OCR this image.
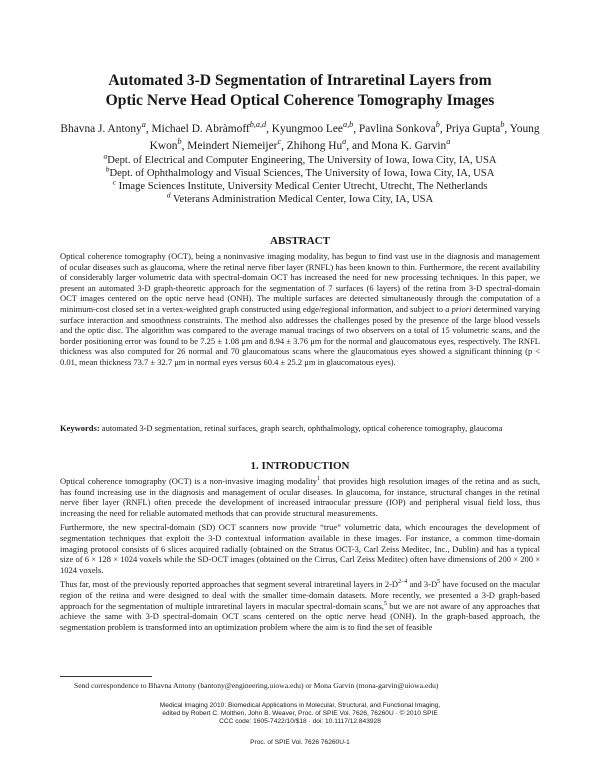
Automated 3-D Segmentation of Intraretinal Layers from
Optic Nerve Head Optical Coherence Tomography Images
Bhavna J. Antony$^a$, Michael D. Abràmoff$^{b,a,d}$, Kyungmoo Lee$^{a,b}$, Pavlina Sonkova$^b$, Priya Gupta$^b$, Young Kwon$^b$, Meindert Niemeijer$^c$, Zhihong Hu$^a$, and Mona K. Garvin$^a$
$^a$Dept. of Electrical and Computer Engineering, The University of Iowa, Iowa City, IA, USA
$^b$Dept. of Ophthalmology and Visual Sciences, The University of Iowa, Iowa City, IA, USA
$^c$ Image Sciences Institute, University Medical Center Utrecht, Utrecht, The Netherlands
$^d$ Veterans Administration Medical Center, Iowa City, IA, USA
ABSTRACT
Optical coherence tomography (OCT), being a noninvasive imaging modality, has begun to find vast use in the diagnosis and management of ocular diseases such as glaucoma, where the retinal nerve fiber layer (RNFL) has been known to thin. Furthermore, the recent availability of considerably larger volumetric data with spectral-domain OCT has increased the need for new processing techniques. In this paper, we present an automated 3-D graph-theoretic approach for the segmentation of 7 surfaces (6 layers) of the retina from 3-D spectral-domain OCT images centered on the optic nerve head (ONH). The multiple surfaces are detected simultaneously through the computation of a minimum-cost closed set in a vertex-weighted graph constructed using edge/regional information, and subject to a priori determined varying surface interaction and smoothness constraints. The method also addresses the challenges posed by the presence of the large blood vessels and the optic disc. The algorithm was compared to the average manual tracings of two observers on a total of 15 volumetric scans, and the border positioning error was found to be 7.25 ± 1.08 μm and 8.94 ± 3.76 μm for the normal and glaucomatous eyes, respectively. The RNFL thickness was also computed for 26 normal and 70 glaucomatous scans where the glaucomatous eyes showed a significant thinning (p < 0.01, mean thickness 73.7 ± 32.7 μm in normal eyes versus 60.4 ± 25.2 μm in glaucomatous eyes).
Keywords: automated 3-D segmentation, retinal surfaces, graph search, ophthalmology, optical coherence tomography, glaucoma
1. INTRODUCTION

Optical coherence tomography (OCT) is a non-invasive imaging modality$^1$ that provides high resolution images of the retina and as such, has found increasing use in the diagnosis and management of ocular diseases. In glaucoma, for instance, structural changes in the retinal nerve fiber layer (RNFL) often precede the development of increased intraocular pressure (IOP) and peripheral visual field loss, thus increasing the need for reliable automated methods that can provide structural measurements.

Furthermore, the new spectral-domain (SD) OCT scanners now provide “true” volumetric data, which encourages the development of segmentation techniques that exploit the 3-D contextual information available in these images. For instance, a common time-domain imaging protocol consists of 6 slices acquired radially (obtained on the Stratus OCT-3, Carl Zeiss Meditec, Inc., Dublin) and has a typical size of 6 × 128 × 1024 voxels while the SD-OCT images (obtained on the Cirrus, Carl Zeiss Meditec) often have dimensions of 200 × 200 × 1024 voxels.

Thus far, most of the previously reported approaches that segment several intraretinal layers in $2-D^{2-4}$ and $3-D^5$ have focused on the macular region of the retina and were designed to deal with the smaller time-domain datasets. More recently, we presented a 3-D graph-based approach for the segmentation of multiple intraretinal layers in macular spectral-domain scans,$^5$ but we are not aware of any approaches that achieve the same with 3-D spectral-domain OCT scans centered on the optic nerve head (ONH). In the graph-based approach, the segmentation problem is transformed into an optimization problem where the aim is to find the set of feasible

Send correspondence to Bhavna Antony (bantony@engineering.uiowa.edu) or Mona Garvin (mona-garvin@uiowa.edu)
Medical Imaging 2010: Biomedical Applications in Molecular, Structural, and Functional Imaging,
edited by Robert C. Molthen, John B. Weaver, Proc. of SPIE Vol. 7626, 76260U · © 2010 SPIE
CCC code: 1605-7422/10/$18 · doi: 10.1117/12.843928
Proc. of SPIE Vol. 7626 76260U-1
